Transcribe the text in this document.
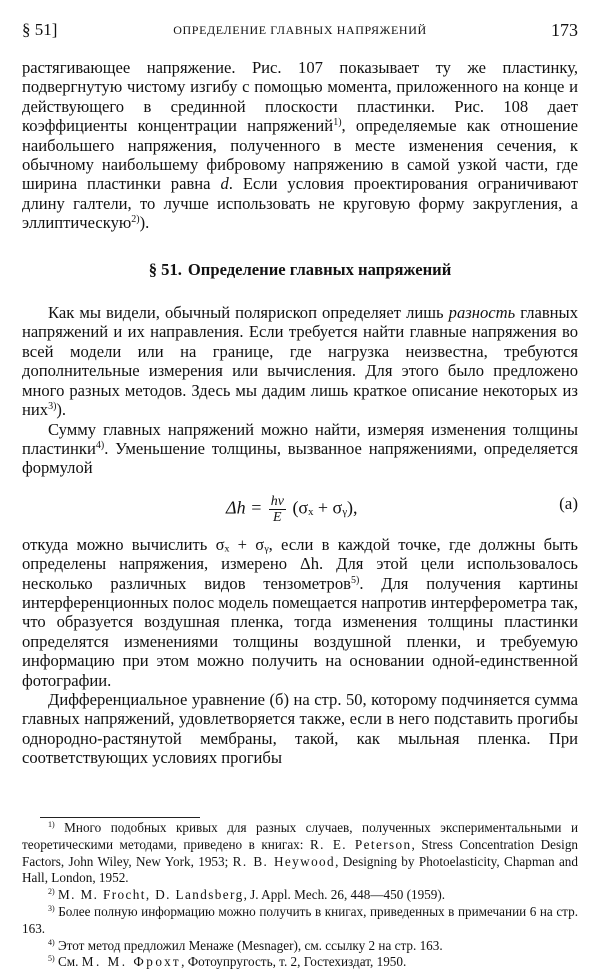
§ 51]	ОПРЕДЕЛЕНИЕ ГЛАВНЫХ НАПРЯЖЕНИЙ	173

растягивающее напряжение. Рис. 107 показывает ту же пластинку, подвергнутую чистому изгибу с помощью момента, приложенного на конце и действующего в срединной плоскости пластинки. Рис. 108 дает коэффициенты концентрации напряжений$^{1)}$, определяемые как отношение наибольшего напряжения, полученного в месте изменения сечения, к обычному наибольшему фибровому напряжению в самой узкой части, где ширина пластинки равна d. Если условия проектирования ограничивают длину галтели, то лучше использовать не круговую форму закругления, а эллиптическую$^{2)}$).

§ 51. Определение главных напряжений

Как мы видели, обычный полярископ определяет лишь разность главных напряжений и их направления. Если требуется найти главные напряжения во всей модели или на границе, где нагрузка неизвестна, требуются дополнительные измерения или вычисления. Для этого было предложено много разных методов. Здесь мы дадим лишь краткое описание некоторых из них$^{3)}$).

Сумму главных напряжений можно найти, измеряя изменения толщины пластинки$^{4)}$. Уменьшение толщины, вызванное напряжениями, определяется формулой

$\Delta h = \frac{h\nu}{E} (\sigma_x$ + σᵧ),	(а)

откуда можно вычислить σₓ + σᵧ, если в каждой точке, где должны быть определены напряжения, измерено Δh. Для этой цели использовалось несколько различных видов тензометров$^{5)}$. Для получения картины интерференционных полос модель помещается напротив интерферометра так, что образуется воздушная пленка, тогда изменения толщины пластинки определятся изменениями толщины воздушной пленки, и требуемую информацию при этом можно получить на основании одной-единственной фотографии.

Дифференциальное уравнение (б) на стр. 50, которому подчиняется сумма главных напряжений, удовлетворяется также, если в него подставить прогибы однородно-растянутой мембраны, такой, как мыльная пленка. При соответствующих условиях прогибы

$^{1)}$ Много подобных кривых для разных случаев, полученных экспериментальными и теоретическими методами, приведено в книгах: R. E. Peterson, Stress Concentration Design Factors, John Wiley, New York, 1953; R. B. Heywood, Designing by Photoelasticity, Chapman and Hall, London, 1952.

$^{2)}$ M. M. Frocht, D. Landsberg, J. Appl. Mech. 26, 448—450 (1959).

$^{3)}$ Более полную информацию можно получить в книгах, приведенных в примечании 6 на стр. 163.

$^{4)}$ Этот метод предложил Менаже (Mesnager), см. ссылку 2 на стр. 163.

$^{5)}$ См. М. М. Фрохт, Фотоупругость, т. 2, Гостехиздат, 1950.
